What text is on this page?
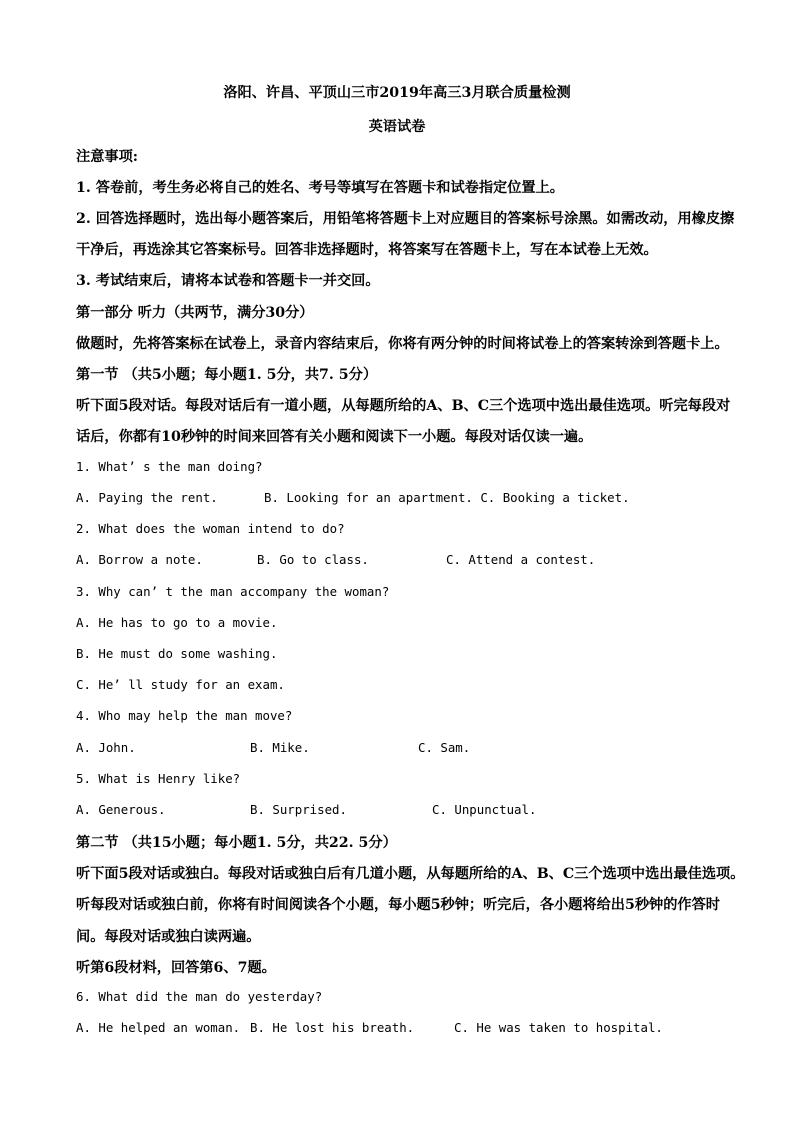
洛阳、许昌、平顶山三市2019年高三3月联合质量检测
英语试卷
注意事项:
1. 答卷前，考生务必将自己的姓名、考号等填写在答题卡和试卷指定位置上。
2. 回答选择题时，选出每小题答案后，用铅笔将答题卡上对应题目的答案标号涂黑。如需改动，用橡皮擦
干净后，再选涂其它答案标号。回答非选择题时，将答案写在答题卡上，写在本试卷上无效。
3. 考试结束后，请将本试卷和答题卡一并交回。
第一部分 听力（共两节，满分30分）
做题时，先将答案标在试卷上，录音内容结束后，你将有两分钟的时间将试卷上的答案转涂到答题卡上。
第一节 （共5小题；每小题1. 5分，共7. 5分）
听下面5段对话。每段对话后有一道小题，从每题所给的A、B、C三个选项中选出最佳选项。听完每段对
话后，你都有10秒钟的时间来回答有关小题和阅读下一小题。每段对话仅读一遍。
1. What’ s the man doing?
A. Paying the rent.	B. Looking for an apartment. C. Booking a ticket.
2. What does the woman intend to do?
A. Borrow a note.	B. Go to class.	C. Attend a contest.
3. Why can’ t the man accompany the woman?
A. He has to go to a movie.
B. He must do some washing.
C. He’ ll study for an exam.
4. Who may help the man move?
A. John.	B. Mike.	C. Sam.
5. What is Henry like?
A. Generous.	B. Surprised.	C. Unpunctual.
第二节 （共15小题；每小题1. 5分，共22. 5分）
听下面5段对话或独白。每段对话或独白后有几道小题，从每题所给的A、B、C三个选项中选出最佳选项。
听每段对话或独白前，你将有时间阅读各个小题，每小题5秒钟；听完后，各小题将给出5秒钟的作答时
间。每段对话或独白读两遍。
听第6段材料，回答第6、7题。
6. What did the man do yesterday?
A. He helped an woman. B. He lost his breath.	C. He was taken to hospital.
